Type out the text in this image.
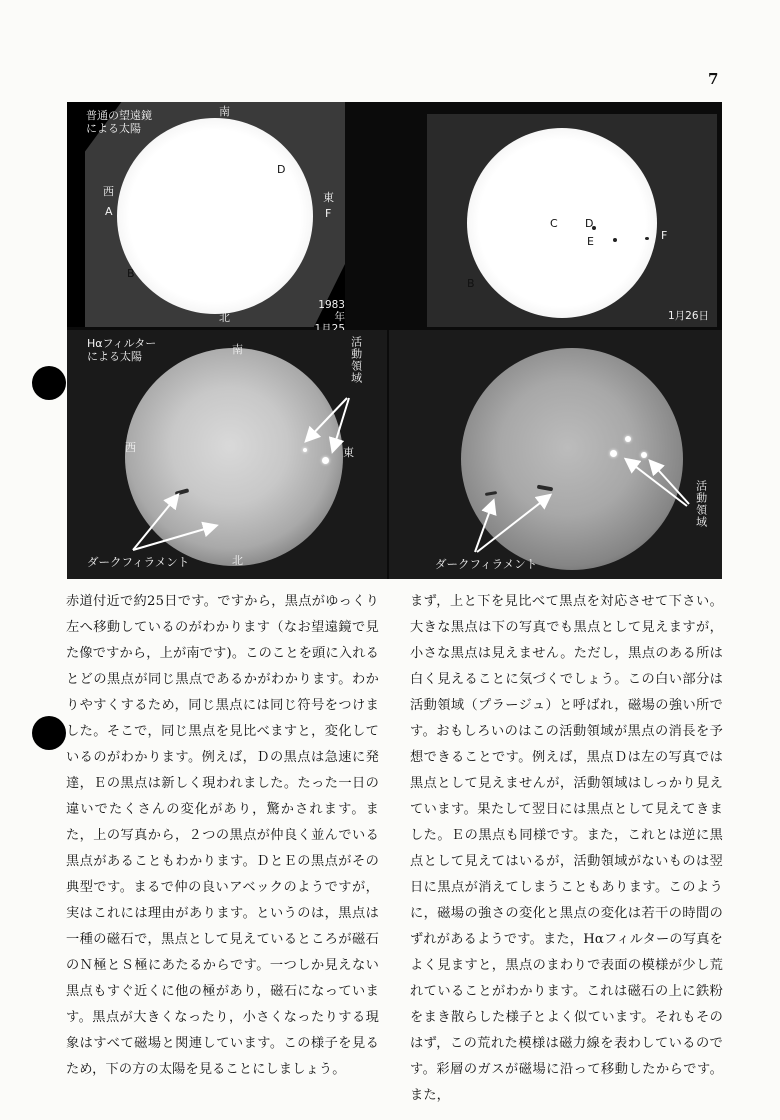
7
普通の望遠鏡
による太陽
南
北
西	東
A
B
D
F
1983年

B
C D
E	F
1月26日
Hαフィルター
による太陽
南
北
西	東
活動領域
ダークフィラメント
活動領域
ダークフィラメント
赤道付近で約25日です。ですから，黒点がゆっくり左へ移動しているのがわかります（なお望遠鏡で見た像ですから，上が南です)。このことを頭に入れるとどの黒点が同じ黒点であるかがわかります。わかりやすくするため，同じ黒点には同じ符号をつけました。そこで，同じ黒点を見比べますと，変化しているのがわかります。例えば，Ｄの黒点は急速に発達，Ｅの黒点は新しく現われました。たった一日の違いでたくさんの変化があり，驚かされます。また，上の写真から，２つの黒点が仲良く並んでいる黒点があることもわかります。ＤとＥの黒点がその典型です。まるで仲の良いアベックのようですが，実はこれには理由があります。というのは，黒点は一種の磁石で，黒点として見えているところが磁石のＮ極とＳ極にあたるからです。一つしか見えない黒点もすぐ近くに他の極があり，磁石になっています。黒点が大きくなったり，小さくなったりする現象はすべて磁場と関連しています。この様子を見るため，下の方の太陽を見ることにしましょう。
まず，上と下を見比べて黒点を対応させて下さい。大きな黒点は下の写真でも黒点として見えますが，小さな黒点は見えません。ただし，黒点のある所は白く見えることに気づくでしょう。この白い部分は活動領域（プラージュ）と呼ばれ，磁場の強い所です。おもしろいのはこの活動領域が黒点の消長を予想できることです。例えば，黒点Ｄは左の写真では黒点として見えませんが，活動領域はしっかり見えています。果たして翌日には黒点として見えてきました。Ｅの黒点も同様です。また，これとは逆に黒点として見えてはいるが，活動領域がないものは翌日に黒点が消えてしまうこともあります。このように，磁場の強さの変化と黒点の変化は若干の時間のずれがあるようです。また，Hαフィルターの写真をよく見ますと，黒点のまわりで表面の模様が少し荒れていることがわかります。これは磁石の上に鉄粉をまき散らした様子とよく似ています。それもそのはず，この荒れた模様は磁力線を表わしているのです。彩層のガスが磁場に沿って移動したからです。また，
